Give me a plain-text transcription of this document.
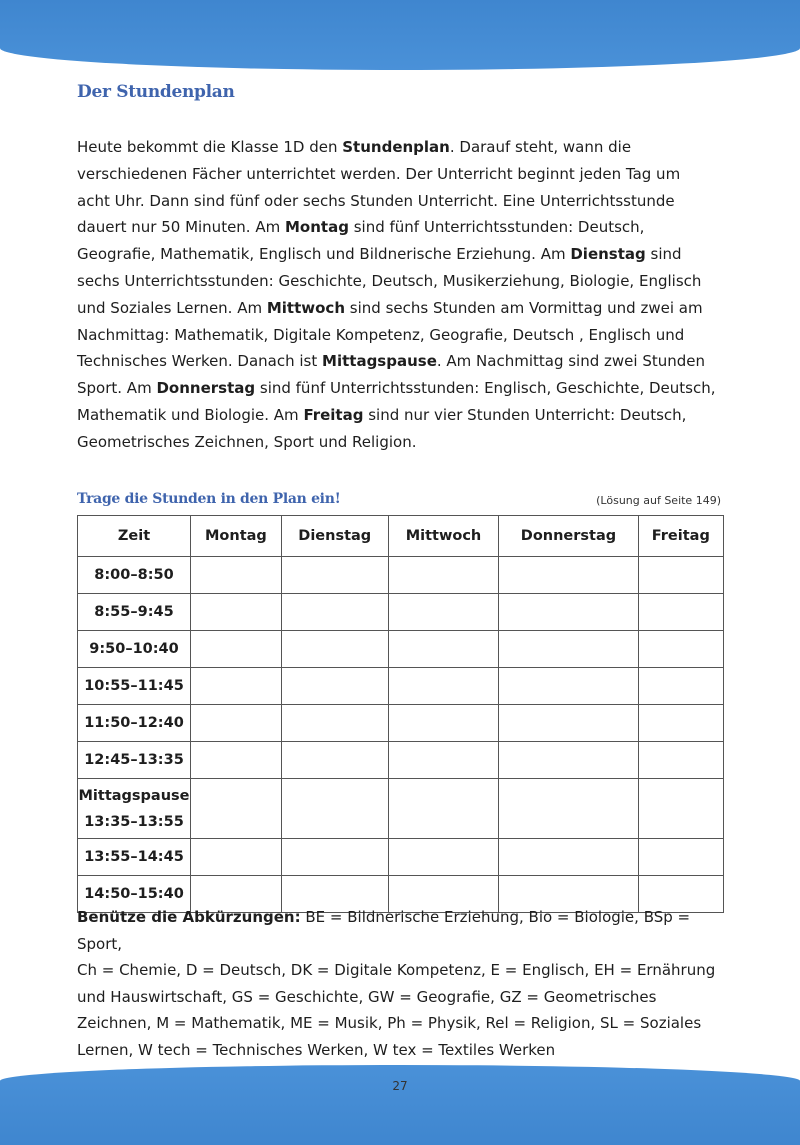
Der Stundenplan
Heute bekommt die Klasse 1D den Stundenplan. Darauf steht, wann die
verschiedenen Fächer unterrichtet werden. Der Unterricht beginnt jeden Tag um
acht Uhr. Dann sind fünf oder sechs Stunden Unterricht. Eine Unterrichtsstunde
dauert nur 50 Minuten. Am Montag sind fünf Unterrichtsstunden: Deutsch,
Geografie, Mathematik, Englisch und Bildnerische Erziehung. Am Dienstag sind
sechs Unterrichtsstunden: Geschichte, Deutsch, Musikerziehung, Biologie, Englisch
und Soziales Lernen. Am Mittwoch sind sechs Stunden am Vormittag und zwei am
Nachmittag: Mathematik, Digitale Kompetenz, Geografie, Deutsch , Englisch und
Technisches Werken. Danach ist Mittagspause. Am Nachmittag sind zwei Stunden
Sport. Am Donnerstag sind fünf Unterrichtsstunden: Englisch, Geschichte, Deutsch,
Mathematik und Biologie. Am Freitag sind nur vier Stunden Unterricht: Deutsch,
Geometrisches Zeichnen, Sport und Religion.
Trage die Stunden in den Plan ein!	(Lösung auf Seite 149)
Zeit	Montag	Dienstag	Mittwoch	Donnerstag	Freitag

8:00–8:50					

8:55–9:45					

9:50–10:40					

10:55–11:45					

11:50–12:40					

12:45–13:35					

Mittagspause
13:35–13:55					

13:55–14:45					

14:50–15:40					

Benütze die Abkürzungen: BE = Bildnerische Erziehung, Bio = Biologie, BSp = Sport,
Ch = Chemie, D = Deutsch, DK = Digitale Kompetenz, E = Englisch, EH = Ernährung
und Hauswirtschaft, GS = Geschichte, GW = Geografie, GZ = Geometrisches
Zeichnen, M = Mathematik, ME = Musik, Ph = Physik, Rel = Religion, SL = Soziales
Lernen, W tech = Technisches Werken, W tex = Textiles Werken
27
